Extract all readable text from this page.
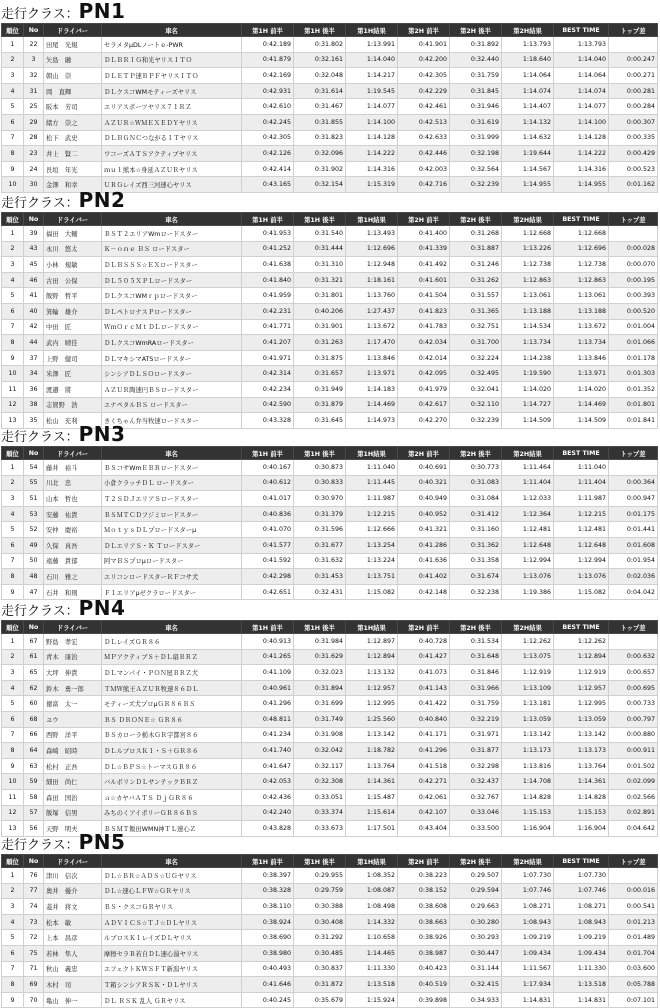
走行クラス：PN1
順位	No	ドライバー	車名	第1H 前半	第1H 後半	第1H結果	第2H 前半	第2H 後半	第2H結果	BEST TIME	トップ差
1	22	田尾　光規	セラメタμDLノートｅ-PWR	0:42.189	0:31.802	1:13.991	0:41.901	0:31.892	1:13.793	1:13.793	
2	3	矢島　融	ＤＬＢＲＩＧ和光ヤリスＩＴＯ	0:41.879	0:32.161	1:14.040	0:42.200	0:32.440	1:18.640	1:14.040	0:00.247
3	32	朝山　崇	ＤＬＥＴＰ速ＢＰＦヤリスＩＴＯ	0:42.169	0:32.048	1:14.217	0:42.305	0:31.759	1:14.064	1:14.064	0:00.271
4	31	岡　直輝	ＤＬクスコWMモティーズヤリス	0:42.931	0:31.614	1:19.545	0:42.229	0:31.845	1:14.074	1:14.074	0:00.281
5	25	阪本　芳司	エリアスポーツヤリス７１ＲＺ	0:42.610	0:31.467	1:14.077	0:42.461	0:31.946	1:14.407	1:14.077	0:00.284
6	29	緒方　崇之	ＡＺＵＲ☆ＷＭＥＸＥＤＹヤリス	0:42.245	0:31.855	1:14.100	0:42.513	0:31.619	1:14.132	1:14.100	0:00.307
7	28	松下　武史	ＤＬＢＧＮＣつながるＩＴヤリス	0:42.305	0:31.823	1:14.128	0:42.633	0:31.999	1:14.632	1:14.128	0:00.335
8	23	井上　賢二	ワコーズＡＴＳアクティブヤリス	0:42.126	0:32.096	1:14.222	0:42.446	0:32.198	1:19.644	1:14.222	0:00.429
9	24	長垣　年光	ｍｕｌ熊本☆身延ＡＺＵＲヤリス	0:42.414	0:31.902	1:14.316	0:42.003	0:32.564	1:14.567	1:14.316	0:00.523
10	30	金澤　和幸	ＵＲＧレイズ西三河速心ヤリス	0:43.165	0:32.154	1:15.319	0:42.716	0:32.239	1:14.955	1:14.955	0:01.162
走行クラス：PN2
順位	No	ドライバー	車名	第1H 前半	第1H 後半	第1H結果	第2H 前半	第2H 後半	第2H結果	BEST TIME	トップ差
1	39	福田　大輔	ＢＳＴ２エリアWmロードスター	0:41.953	0:31.540	1:13.493	0:41.400	0:31.268	1:12.668	1:12.668	
2	43	永川　悠太	Ｋ－ｏｎｅ ＢＳ ロードスター	0:41.252	0:31.444	1:12.696	0:41.339	0:31.887	1:13.226	1:12.696	0:00.028
3	45	小林　規敏	ＤＬＢＳＳＳ☆ＥＸロードスター	0:41.638	0:31.310	1:12.948	0:41.492	0:31.246	1:12.738	1:12.738	0:00.070
4	46	古田　公保	ＤＬ５０５ＸＰＬロードスター	0:41.840	0:31.321	1:18.161	0:41.601	0:31.262	1:12.863	1:12.863	0:00.195
5	41	飯野　哲平	ＤＬクスコWMｒｐロードスター	0:41.959	0:31.801	1:13.760	0:41.504	0:31.557	1:13.061	1:13.061	0:00.393
6	40	箕輪　雄介	ＤＬペトロナスＰロードスター	0:42.231	0:40.206	1:27.437	0:41.823	0:31.365	1:13.188	1:13.188	0:00.520
7	42	中田　匠	ＷｍＯｒｃＭｔＤＬロードスター	0:41.771	0:31.901	1:13.672	0:41.783	0:32.751	1:14.534	1:13.672	0:01.004
8	44	武内　晴佳	ＤＬクスコWmRAロードスター	0:41.207	0:31.263	1:17.470	0:42.034	0:31.700	1:13.734	1:13.734	0:01.066
9	37	上野　健司	ＤＬマキシマATSロードスター	0:41.971	0:31.875	1:13.846	0:42.014	0:32.224	1:14.238	1:13.846	0:01.178
10	34	米澤　匠	シンシアＤＬＳＯロードスター	0:42.314	0:31.657	1:13.971	0:42.095	0:32.495	1:19.590	1:13.971	0:01.303
11	36	渡邉　將	ＡＺＵＲ陶速円ＢＳロードスター	0:42.234	0:31.949	1:14.183	0:41.979	0:32.041	1:14.020	1:14.020	0:01.352
12	38	志賀野　浩	エナペタルＢＳ ロードスター	0:42.590	0:31.879	1:14.469	0:42.617	0:32.110	1:14.727	1:14.469	0:01.801
13	35	松山　充利	きくちゃん弁当牧速ロードスター	0:43.328	0:31.645	1:14.973	0:42.270	0:32.239	1:14.509	1:14.509	0:01.841
走行クラス：PN3
順位	No	ドライバー	車名	第1H 前半	第1H 後半	第1H結果	第2H 前半	第2H 後半	第2H結果	BEST TIME	トップ差
1	54	藤井　裕斗	ＢＳコサWmＥＢＲロードスター	0:40.167	0:30.873	1:11.040	0:40.691	0:30.773	1:11.464	1:11.040	
2	55	川北　忠	小倉クラッチＤＬ ロードスター	0:40.612	0:30.833	1:11.445	0:40.321	0:31.083	1:11.404	1:11.404	0:00.364
3	51	山本　哲也	Ｔ２ＳＤＪエリアＳロードスター	0:41.017	0:30.970	1:11.987	0:40.949	0:31.084	1:12.033	1:11.987	0:00.947
4	53	安藤　祐貴	ＢＳＭＴＣＤフジミロードスター	0:40.836	0:31.379	1:12.215	0:40.952	0:31.412	1:12.364	1:12.215	0:01.175
5	52	安仲　慶裕	ＭｏｔｙｓＤＬプロードスターμ	0:41.070	0:31.596	1:12.666	0:41.321	0:31.160	1:12.481	1:12.481	0:01.441
6	49	久保　真吾	ＤＬエリアＳ・Ｋ Ｔロードスター	0:41.577	0:31.677	1:13.254	0:41.286	0:31.362	1:12.648	1:12.648	0:01.608
7	50	遠藤　貴郁	阿マＢＳプロμロードスター	0:41.592	0:31.632	1:13.224	0:41.636	0:31.358	1:12.994	1:12.994	0:01.954
8	48	石川　雅之	エリコンロードスターＲＦコサ犬	0:42.298	0:31.453	1:13.751	0:41.402	0:31.674	1:13.076	1:13.076	0:02.036
9	47	石井　和則	Ｆ１エリアμゼクラロードスター	0:42.651	0:32.431	1:15.082	0:42.148	0:32.238	1:19.386	1:15.082	0:04.042
走行クラス：PN4
順位	No	ドライバー	車名	第1H 前半	第1H 後半	第1H結果	第2H 前半	第2H 後半	第2H結果	BEST TIME	トップ差
1	67	野島　孝宏	ＤＬレイズＧＲ８６	0:40.913	0:31.984	1:12.897	0:40.728	0:31.534	1:12.262	1:12.262	
2	61	青木　康治	ＭＰアクティブＳ＋ＤＬ扇ＢＲＺ	0:41.265	0:31.629	1:12.894	0:41.427	0:31.648	1:13.075	1:12.894	0:00.632
3	65	大坪　伸貴	ＤＬマンパイ・ＰＯＮ屋ＢＲＺ犬	0:41.109	0:32.023	1:13.132	0:41.073	0:31.846	1:12.919	1:12.919	0:00.657
4	62	鈴木　勇一郎	ＴＭＷ熊王ＡＺＵＲ牧速８６ＤＬ	0:40.961	0:31.894	1:12.957	0:41.143	0:31.966	1:13.109	1:12.957	0:00.695
5	60	徳富　太一	モティーズ犬プロμＧＲ８６ＢＳ	0:41.296	0:31.699	1:12.995	0:41.422	0:31.759	1:13.181	1:12.995	0:00.733
6	68	ユウ	ＢＳ ＤＲＯＮＥ☆ ＧＲ８６	0:48.811	0:31.749	1:25.560	0:40.840	0:32.219	1:13.059	1:13.059	0:00.797
7	66	西野　洋平	ＢＳカローラ栃木ＧＲ宇都宮８６	0:41.234	0:31.908	1:13.142	0:41.171	0:31.971	1:13.142	1:13.142	0:00.880
8	64	森崎　昭時	ＤＬルブロスＫ１・Ｓ＋ＧＲ８６	0:41.740	0:32.042	1:18.782	0:41.296	0:31.877	1:13.173	1:13.173	0:00.911
9	63	松村　正吾	ＤＬ☆ＢＰＳ☆トーマスＧＲ８６	0:41.647	0:32.117	1:13.764	0:41.518	0:32.298	1:13.816	1:13.764	0:01.502
10	59	細田　尚仁	バルボリンＤＬサンテックＢＲＺ	0:42.053	0:32.308	1:14.361	0:42.271	0:32.437	1:14.708	1:14.361	0:02.099
11	58	森田　国治	ａ☆カヤバＡＴＳ ＤｊＧＲ８６	0:42.436	0:33.051	1:15.487	0:42.061	0:32.767	1:14.828	1:14.828	0:02.566
12	57	飯塚　信男	みちのくアイポリーＧＲ８６ＢＳ	0:42.240	0:33.374	1:15.614	0:42.107	0:33.046	1:15.153	1:15.153	0:02.891
13	56	天野　明夫	ＢＳＭＴ飯田WMN神ＴＬ速心Ｚ	0:43.828	0:33.673	1:17.501	0:43.404	0:33.500	1:16.904	1:16.904	0:04.642
走行クラス：PN5
順位	No	ドライバー	車名	第1H 前半	第1H 後半	第1H結果	第2H 前半	第2H 後半	第2H結果	BEST TIME	トップ差
1	76	津川　信次	ＤＬ☆ＢＲ☆ＡＤＳ☆ＵＧヤリス	0:38.397	0:29.955	1:08.352	0:38.223	0:29.507	1:07.730	1:07.730	
2	77	奥井　優介	ＤＬ☆速心ＬＦＷ☆ＧＲヤリス	0:38.328	0:29.759	1:08.087	0:38.152	0:29.594	1:07.746	1:07.746	0:00.016
3	74	菱井　将文	ＢＳ・クスコＧＲヤリス	0:38.110	0:30.388	1:08.498	0:38.608	0:29.663	1:08.271	1:08.271	0:00.541
4	73	松本　敏	ＡＤＶＩＣＳ☆ＴＪ☆ＤＬヤリス	0:38.924	0:30.408	1:14.332	0:38.663	0:30.280	1:08.943	1:08.943	0:01.213
5	72	上本　昌彦	ルブロスＫ１レイズＤＬヤリス	0:38.690	0:31.292	1:10.658	0:38.926	0:30.293	1:09.219	1:09.219	0:01.489
6	75	若林　隼人	摩擦セラＲ若自ＤＬ速心湯ヤリス	0:38.980	0:30.485	1:14.465	0:38.987	0:30.447	1:09.434	1:09.434	0:01.704
7	71	秋山　義忠	エフェクトＫＷＳＦＴ新潟ヤリス	0:40.493	0:30.837	1:11.330	0:40.423	0:31.144	1:11.567	1:11.330	0:03.600
8	69	木村　司	Ｔ箱シンシアＲＳＫ・ＤＬヤリス	0:41.646	0:31.872	1:13.518	0:40.519	0:32.415	1:17.934	1:13.518	0:05.788
9	70	亀山　伸一	ＤＬ ＲＳＫ 乱人 ＧＲヤリス	0:40.245	0:35.679	1:15.924	0:39.898	0:34.933	1:14.831	1:14.831	0:07.101
